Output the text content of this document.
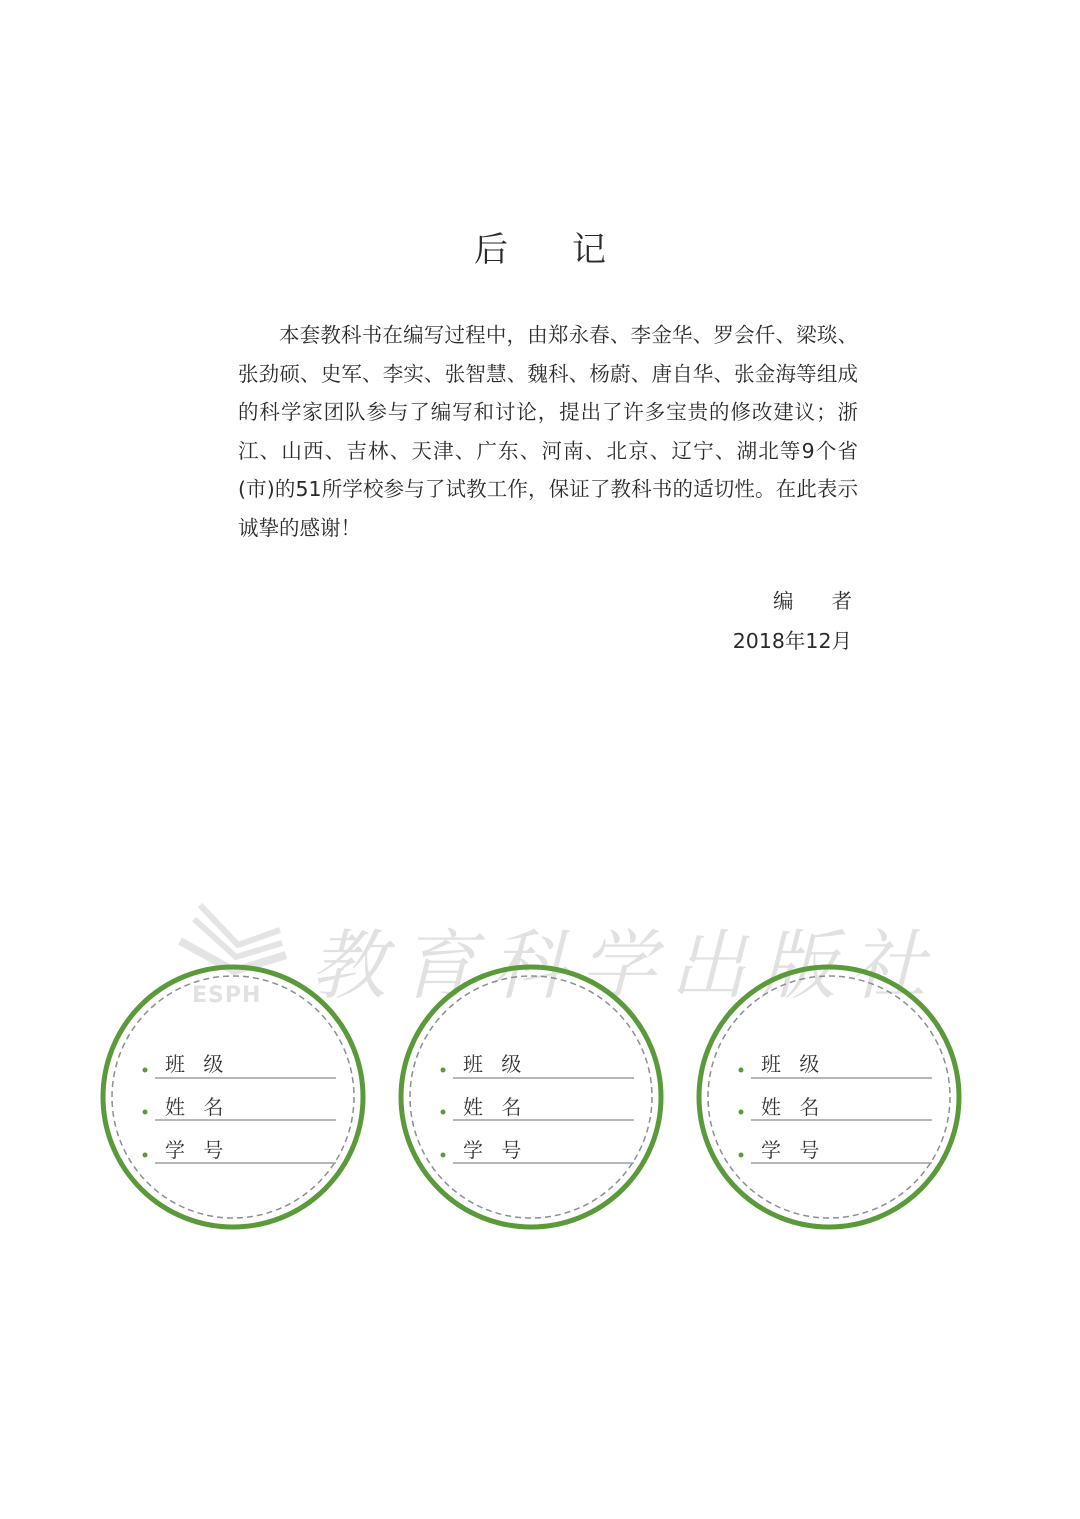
后 记

本套教科书在编写过程中，由郑永春、李金华、罗会仟、梁琰、张劲硕、史军、李实、张智慧、魏科、杨蔚、唐自华、张金海等组成的科学家团队参与了编写和讨论，提出了许多宝贵的修改建议；浙江、山西、吉林、天津、广东、河南、北京、辽宁、湖北等9个省(市)的51所学校参与了试教工作，保证了教科书的适切性。在此表示诚挚的感谢！

编 者
2018年12月
ESPH 教育科学出版社
班 级
姓 名
学 号
班 级
姓 名
学 号
班 级
姓 名
学 号
